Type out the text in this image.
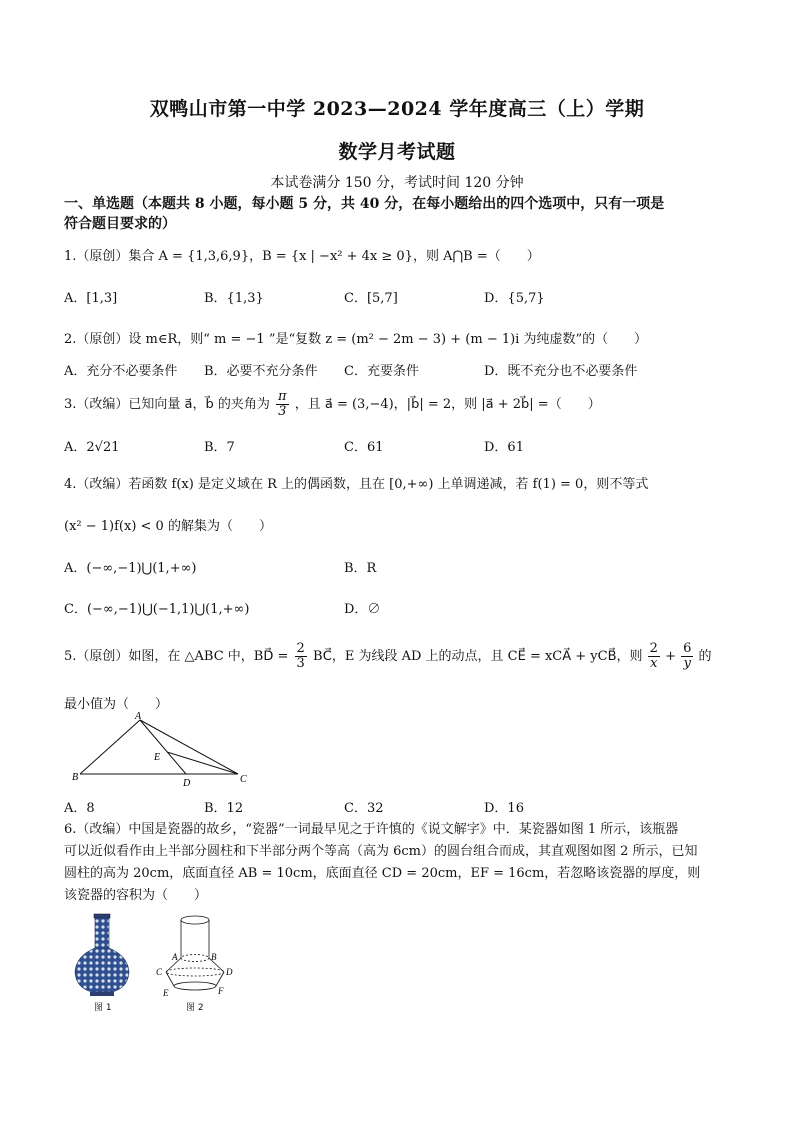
双鸭山市第一中学 2023—2024 学年度高三（上）学期
数学月考试题
本试卷满分 150 分，考试时间 120 分钟
一、单选题（本题共 8 小题，每小题 5 分，共 40 分，在每小题给出的四个选项中，只有一项是
符合题目要求的）
1.（原创）集合 A = {1,3,6,9}，B = {x | −x² + 4x ≥ 0}，则 A⋂B =（　　）
A．[1,3]	B．{1,3}	C．[5,7]	D．{5,7}
2.（原创）设 m∈R，则“ m = −1 ”是“复数 z = (m² − 2m − 3) + (m − 1)i 为纯虚数”的（　　）
A．充分不必要条件 B．必要不充分条件 C．充要条件	D．既不充分也不必要条件
3.（改编）已知向量 a⃗，b⃗ 的夹角为 $\frac{\pi}{3}$ ，且 a⃗ = (3,−4)，|b⃗| = 2，则 |a⃗ + 2b⃗| =（　　）
A．2√21	B．7	C．61	D．61
4.（改编）若函数 f(x) 是定义域在 R 上的偶函数，且在 [0,+∞) 上单调递减，若 f(1) = 0，则不等式
(x² − 1)f(x) < 0 的解集为（　　）
A．(−∞,−1)⋃(1,+∞)	B．R
C．(−∞,−1)⋃(−1,1)⋃(1,+∞)	D．∅
5.（原创）如图，在 △ABC 中，BD⃗ = $\frac{2}{3}$ BC⃗，E 为线段 AD 上的动点，且 CE⃗ = xCA⃗ + yCB⃗，则 $\frac{2}{x} + \frac{6}{y}$ 的
最小值为（　　）
A
B	C
D
E
A．8	B．12	C．32	D．16
6.（改编）中国是瓷器的故乡，“瓷器”一词最早见之于许慎的《说文解字》中．某瓷器如图 1 所示，该瓶器
可以近似看作由上半部分圆柱和下半部分两个等高（高为 6cm）的圆台组合而成，其直观图如图 2 所示，已知
圆柱的高为 20cm，底面直径 AB = 10cm，底面直径 CD = 20cm，EF = 16cm，若忽略该瓷器的厚度，则
该瓷器的容积为（　　）
图 1
A	B
C	D
E	F
图 2
